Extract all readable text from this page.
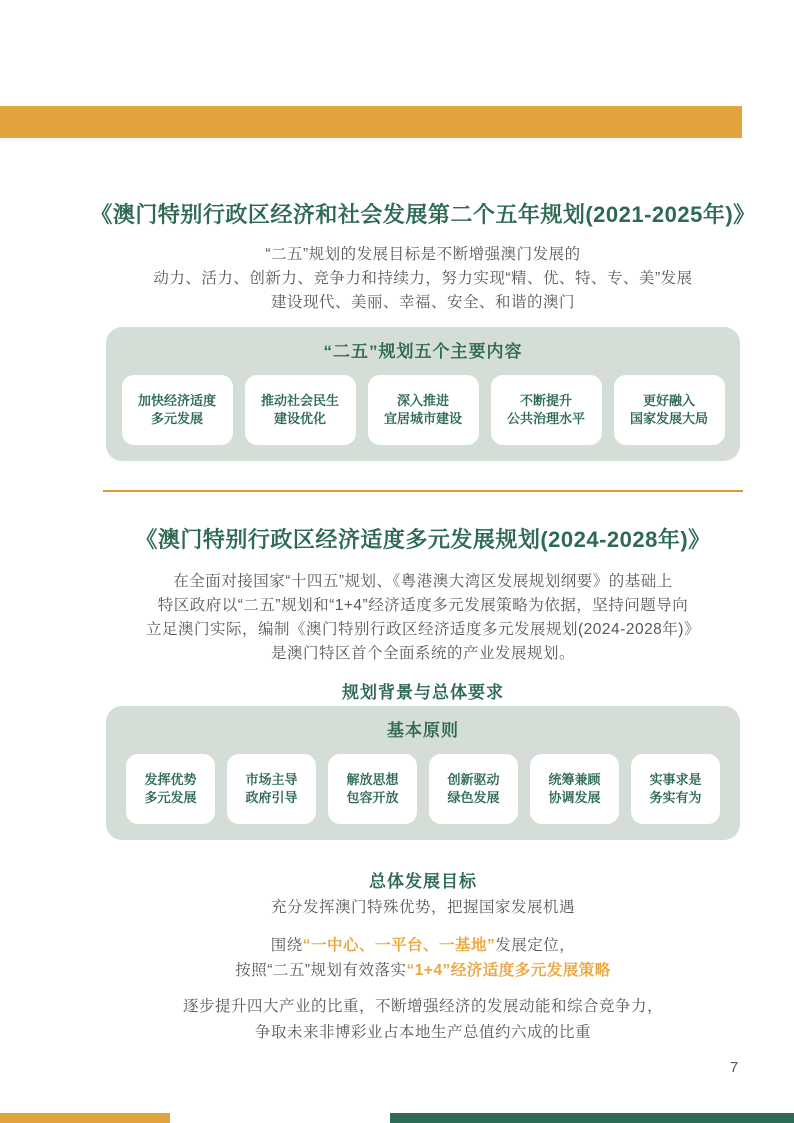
《澳门特别行政区经济和社会发展第二个五年规划(2021-2025年)》
“二五”规划的发展目标是不断增强澳门发展的
动力、活力、创新力、竞争力和持续力，努力实现“精、优、特、专、美”发展
建设现代、美丽、幸福、安全、和谐的澳门
“二五”规划五个主要内容
加快经济适度
多元发展
推动社会民生
建设优化
深入推进
宜居城市建设
不断提升
公共治理水平
更好融入
国家发展大局
《澳门特别行政区经济适度多元发展规划(2024-2028年)》
在全面对接国家“十四五”规划、《粤港澳大湾区发展规划纲要》的基础上
特区政府以“二五”规划和“1+4”经济适度多元发展策略为依据，坚持问题导向
立足澳门实际，编制《澳门特别行政区经济适度多元发展规划(2024-2028年)》
是澳门特区首个全面系统的产业发展规划。
规划背景与总体要求
基本原则
发挥优势
多元发展
市场主导
政府引导
解放思想
包容开放
创新驱动
绿色发展
统筹兼顾
协调发展
实事求是
务实有为
总体发展目标
充分发挥澳门特殊优势，把握国家发展机遇
围绕“一中心、一平台、一基地”发展定位，
按照“二五”规划有效落实“1+4”经济适度多元发展策略
逐步提升四大产业的比重，不断增强经济的发展动能和综合竞争力，
争取未来非博彩业占本地生产总值约六成的比重
7
